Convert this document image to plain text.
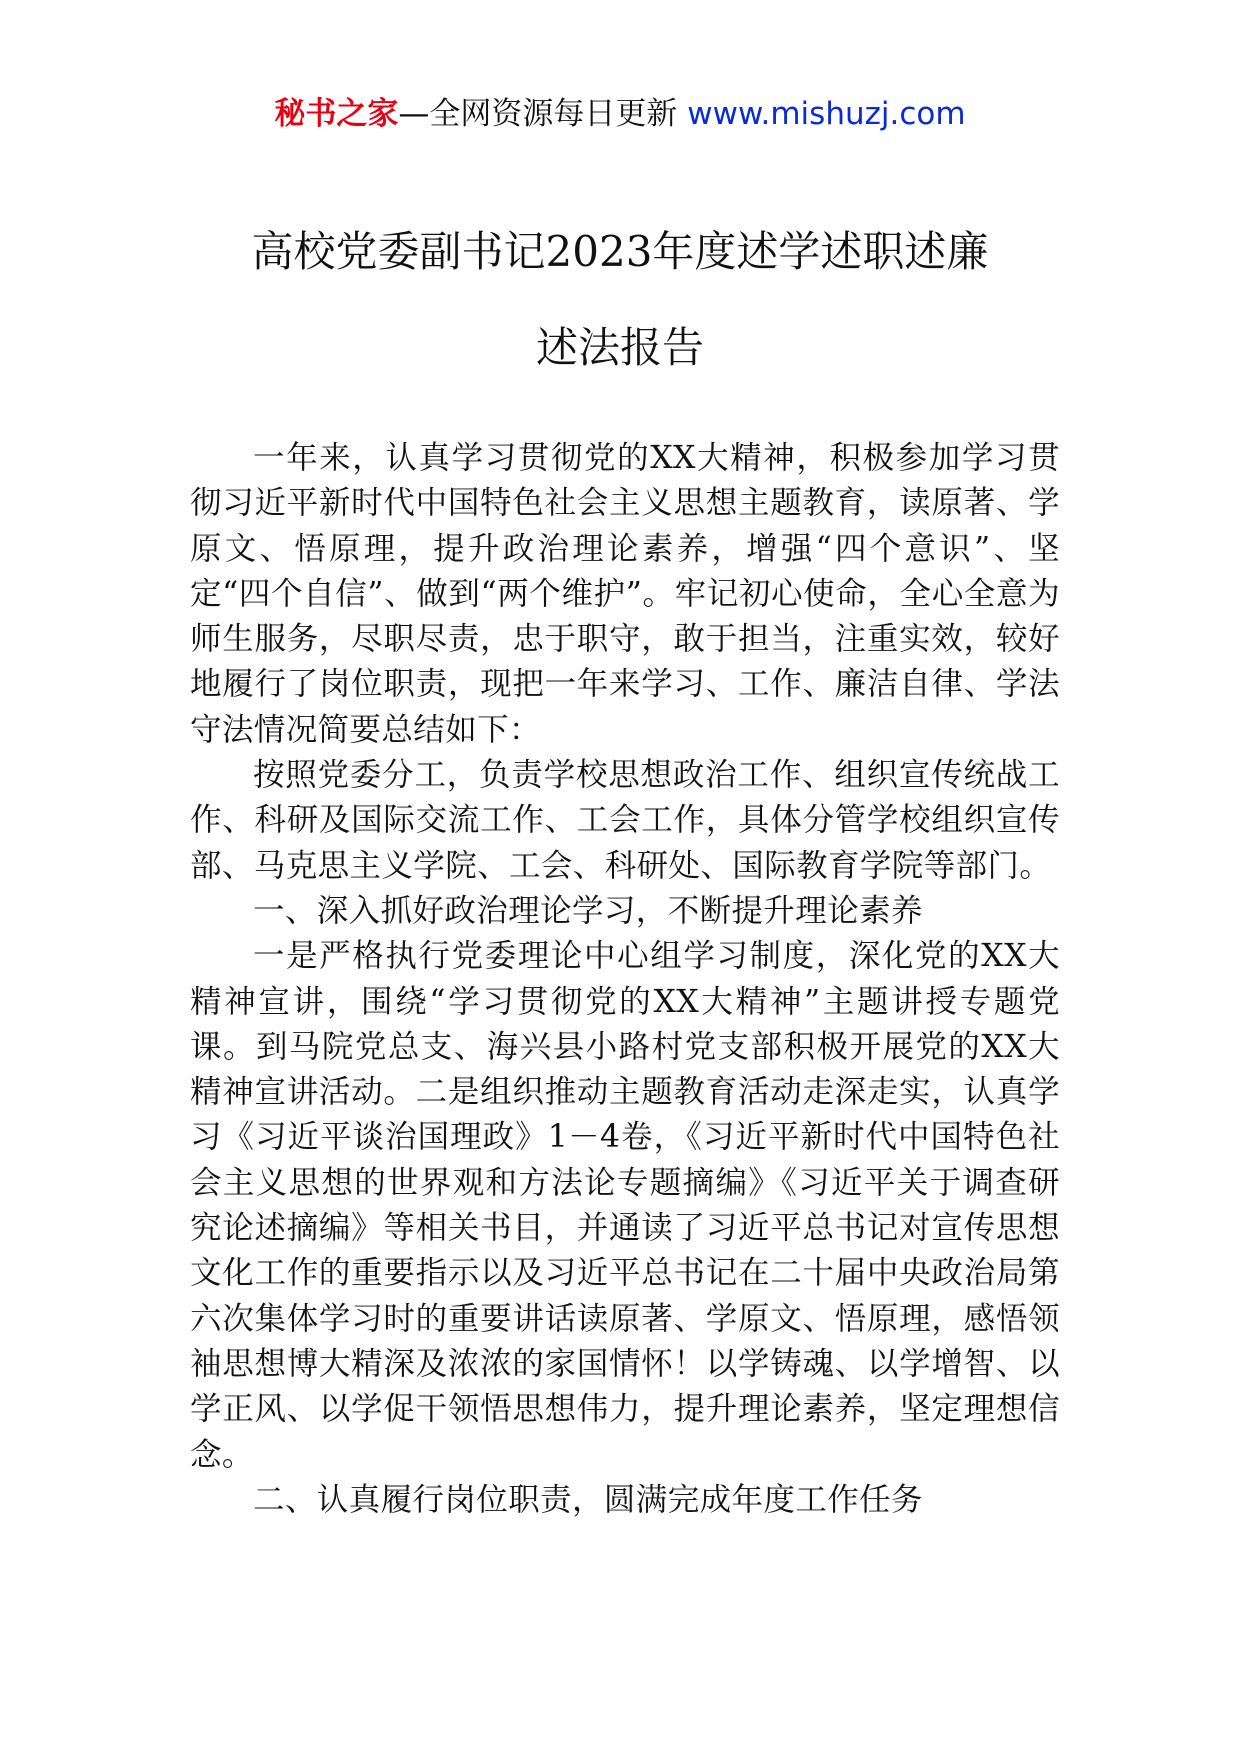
秘书之家—全网资源每日更新 www.mishuzj.com
高校党委副书记2023年度述学述职述廉
述法报告

一年来，认真学习贯彻党的XX大精神，积极参加学习贯彻习近平新时代中国特色社会主义思想主题教育，读原著、学原文、悟原理，提升政治理论素养，增强“四个意识”、坚定“四个自信”、做到“两个维护”。牢记初心使命，全心全意为师生服务，尽职尽责，忠于职守，敢于担当，注重实效，较好地履行了岗位职责，现把一年来学习、工作、廉洁自律、学法守法情况简要总结如下：

按照党委分工，负责学校思想政治工作、组织宣传统战工作、科研及国际交流工作、工会工作，具体分管学校组织宣传部、马克思主义学院、工会、科研处、国际教育学院等部门。

一、深入抓好政治理论学习，不断提升理论素养

一是严格执行党委理论中心组学习制度，深化党的XX大精神宣讲，围绕“学习贯彻党的XX大精神”主题讲授专题党课。到马院党总支、海兴县小路村党支部积极开展党的XX大精神宣讲活动。二是组织推动主题教育活动走深走实，认真学习《习近平谈治国理政》1－4卷，《习近平新时代中国特色社会主义思想的世界观和方法论专题摘编》《习近平关于调查研究论述摘编》等相关书目，并通读了习近平总书记对宣传思想文化工作的重要指示以及习近平总书记在二十届中央政治局第六次集体学习时的重要讲话读原著、学原文、悟原理，感悟领袖思想博大精深及浓浓的家国情怀！以学铸魂、以学增智、以学正风、以学促干领悟思想伟力，提升理论素养，坚定理想信念。

二、认真履行岗位职责，圆满完成年度工作任务
